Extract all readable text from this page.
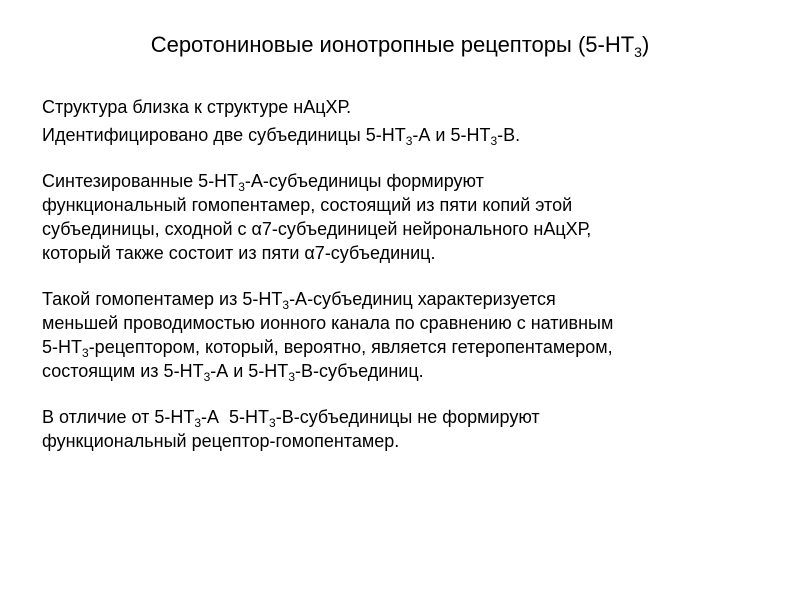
Серотониновые ионотропные рецепторы $(5-НТ_3)$

Структура близка к структуре нАцХР.

Идентифицировано две субъединицы $5-НТ_3-А$ и $5-НТ_3-В$.

Синтезированные $5-НТ_3-А$-субъединицы формируют

функциональный гомопентамер, состоящий из пяти копий этой

субъединицы, сходной с α7-субъединицей нейронального нАцХР,

который также состоит из пяти α7-субъединиц.

Такой гомопентамер из $5-НТ_3-А$-субъединиц характеризуется

меньшей проводимостью ионного канала по сравнению с нативным

$5-НТ_3$-рецептором, который, вероятно, является гетеропентамером,

состоящим из $5-НТ_3-А$ и $5-НТ_3-В$-субъединиц.

В отличие от $5-НТ_3-А$  $5-НТ_3-В$-субъединицы не формируют

функциональный рецептор-гомопентамер.
